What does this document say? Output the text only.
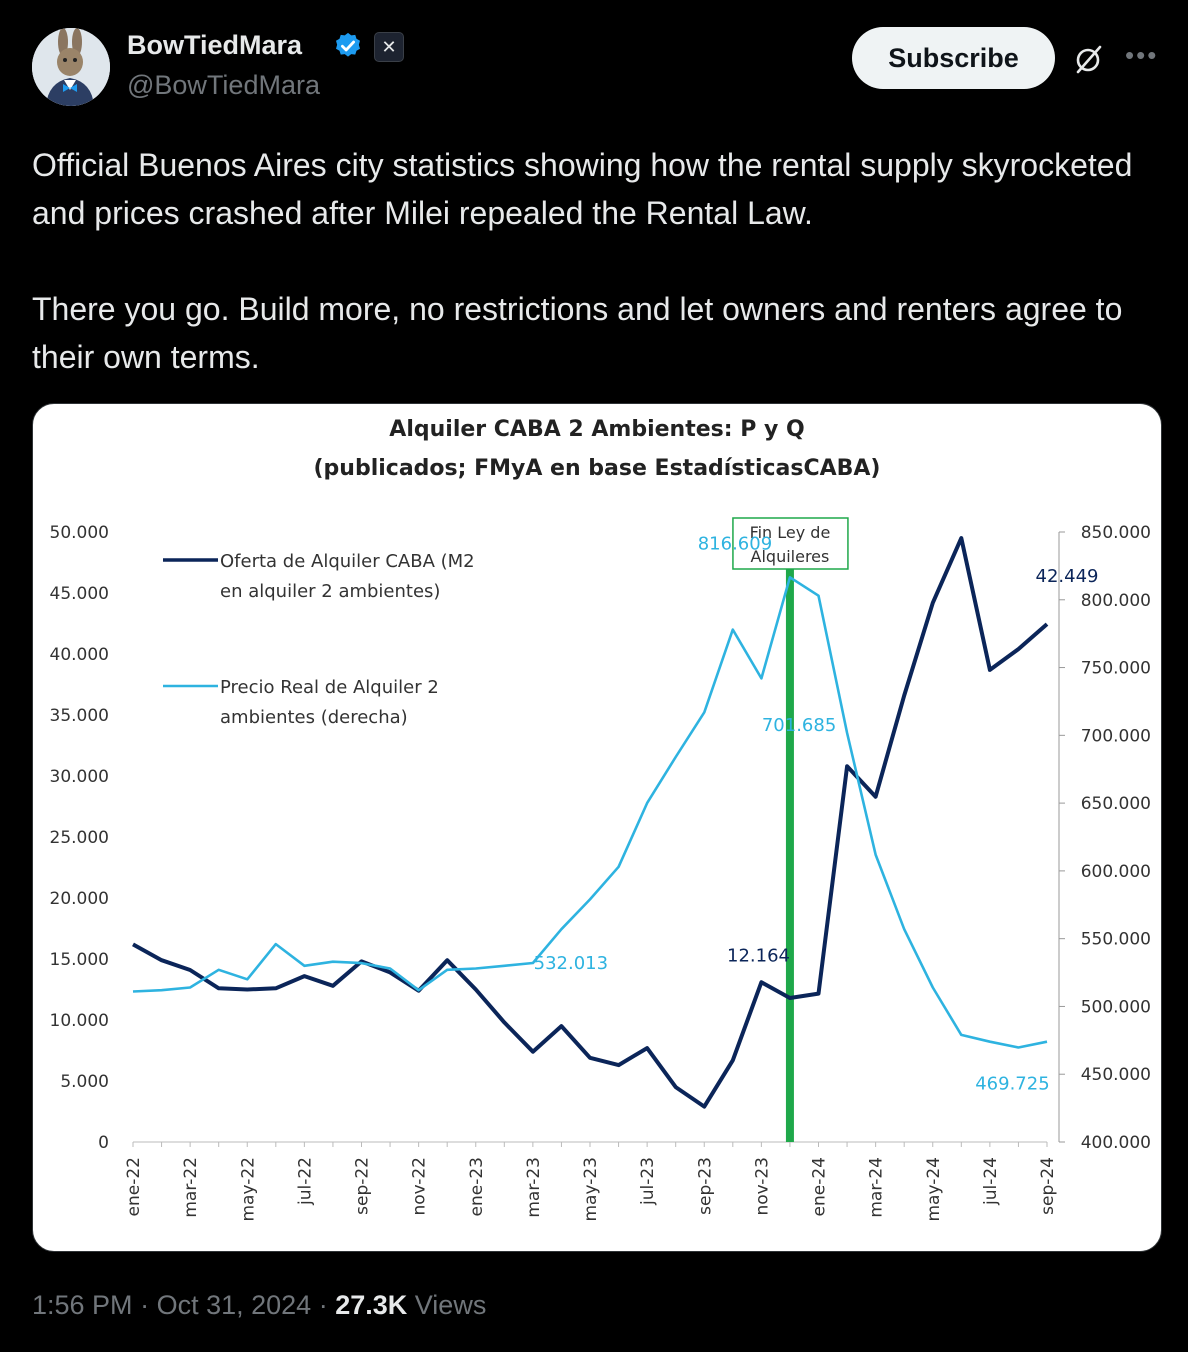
BowTiedMara	✕
@BowTiedMara
Subscribe	•••

Official Buenos Aires city statistics showing how the rental supply skyrocketed and prices crashed after Milei repealed the Rental Law.

There you go. Build more, no restrictions and let owners and renters agree to their own terms.

Alquiler CABA 2 Ambientes: P y Q
(publicados; FMyA en base EstadísticasCABA)
0
5.000
10.000
15.000
20.000
25.000
30.000
35.000
40.000
45.000
50.000
400.000
450.000
500.000
550.000
600.000
650.000
700.000
750.000
800.000
850.000
ene-22 mar-22 may-22 jul-22 sep-22 nov-22 ene-23 mar-23 may-23 jul-23 sep-23 nov-23 ene-24 mar-24 may-24 jul-24 sep-24
Fin Ley de
Alquileres
816.609
701.685
532.013	12.164
42.449
469.725
Oferta de Alquiler CABA (M2 en alquiler 2 ambientes)
Precio Real de Alquiler 2 ambientes (derecha)
1:56 PM · Oct 31, 2024 · 27.3K Views
